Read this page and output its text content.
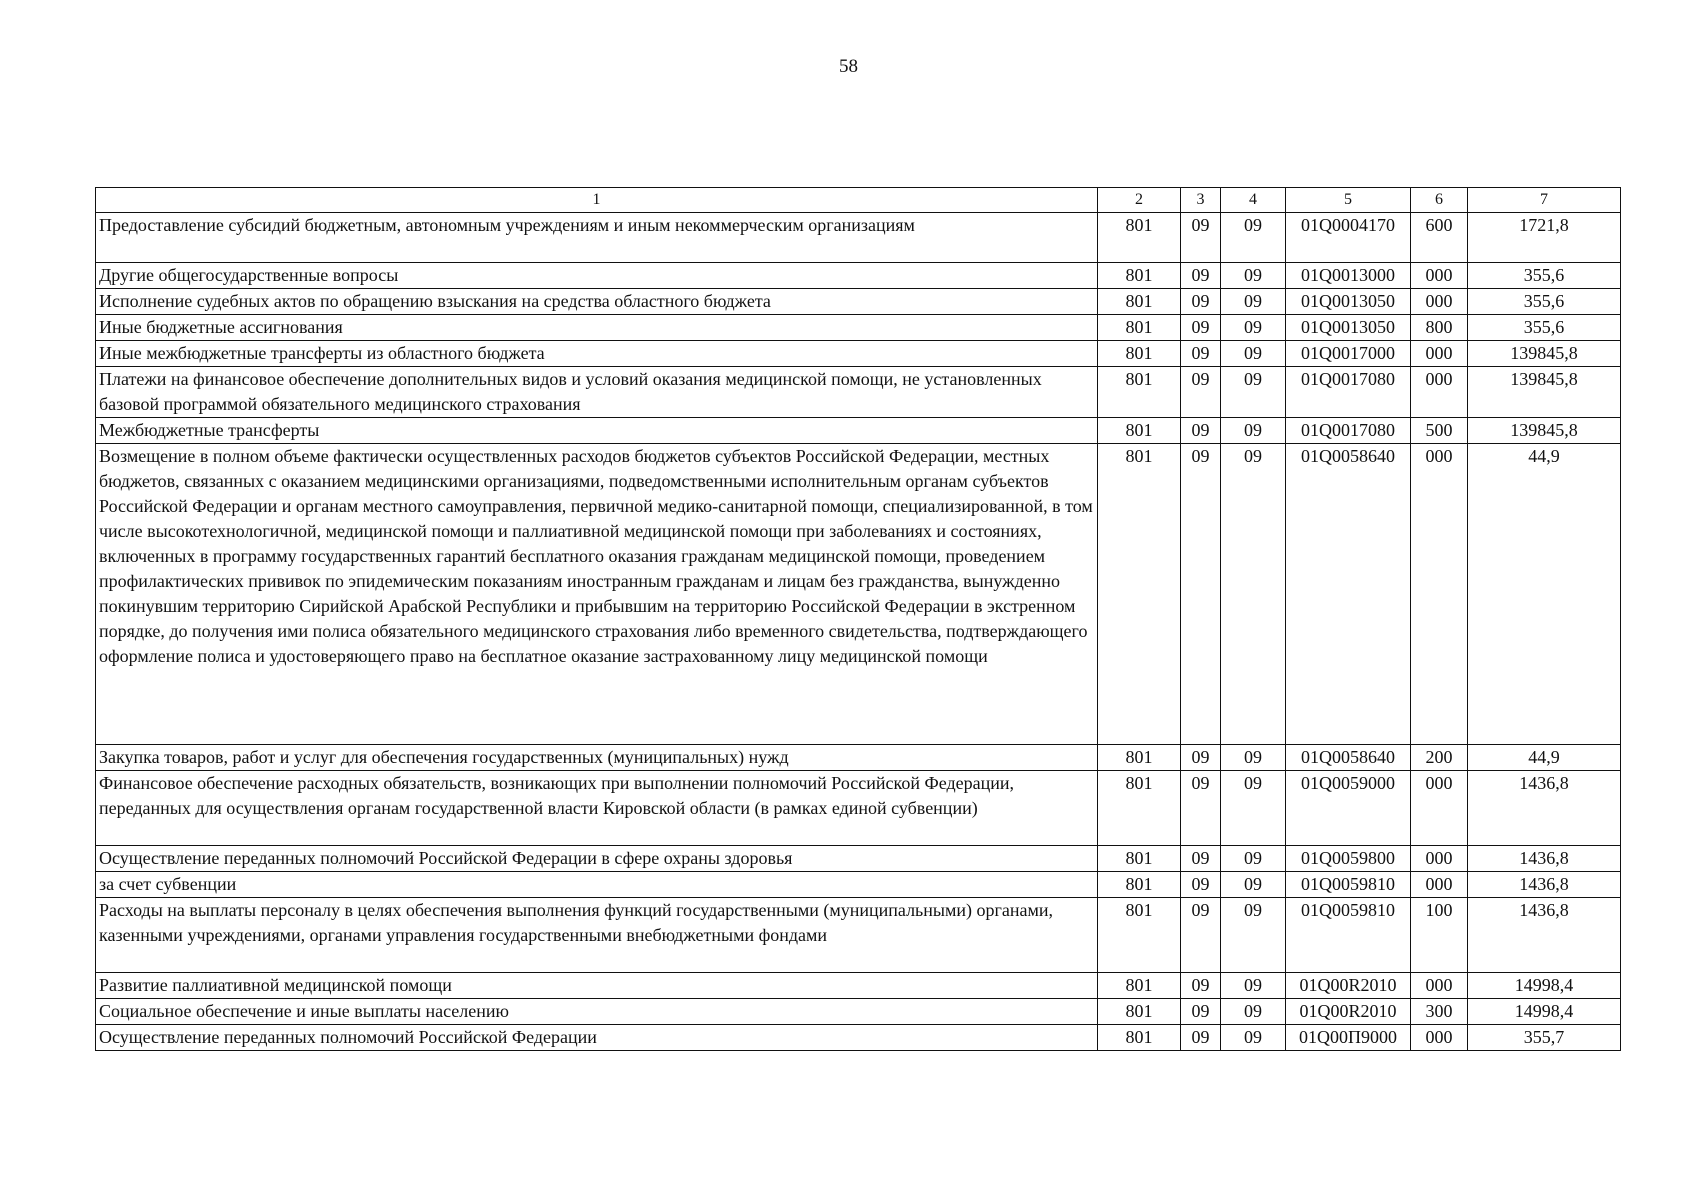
58
1	2	3	4	5	6	7
Предоставление субсидий бюджетным, автономным учреждениям и иным некоммерческим организациям	801	09	09	01Q0004170	600	1721,8
Другие общегосударственные вопросы	801	09	09	01Q0013000	000	355,6
Исполнение судебных актов по обращению взыскания на средства областного бюджета	801	09	09	01Q0013050	000	355,6
Иные бюджетные ассигнования	801	09	09	01Q0013050	800	355,6
Иные межбюджетные трансферты из областного бюджета	801	09	09	01Q0017000	000	139845,8
Платежи на финансовое обеспечение дополнительных видов и условий оказания медицинской помощи, не установленных базовой программой обязательного медицинского страхования	801	09	09	01Q0017080	000	139845,8
Межбюджетные трансферты	801	09	09	01Q0017080	500	139845,8
Возмещение в полном объеме фактически осуществленных расходов бюджетов субъектов Российской Федерации, местных бюджетов, связанных с оказанием медицинскими организациями, подведомственными исполнительным органам субъектов Российской Федерации и органам местного самоуправления, первичной медико-санитарной помощи, специализированной, в том числе высокотехнологичной, медицинской помощи и паллиативной медицинской помощи при заболеваниях и состояниях, включенных в программу государственных гарантий бесплатного оказания гражданам медицинской помощи, проведением профилактических прививок по эпидемическим показаниям иностранным гражданам и лицам без гражданства, вынужденно покинувшим территорию Сирийской Арабской Республики и прибывшим на территорию Российской Федерации в экстренном порядке, до получения ими полиса обязательного медицинского страхования либо временного свидетельства, подтверждающего оформление полиса и удостоверяющего право на бесплатное оказание застрахованному лицу медицинской помощи	801	09	09	01Q0058640	000	44,9
Закупка товаров, работ и услуг для обеспечения государственных (муниципальных) нужд	801	09	09	01Q0058640	200	44,9
Финансовое обеспечение расходных обязательств, возникающих при выполнении полномочий Российской Федерации, переданных для осуществления органам государственной власти Кировской области (в рамках единой субвенции)	801	09	09	01Q0059000	000	1436,8
Осуществление переданных полномочий Российской Федерации в сфере охраны здоровья	801	09	09	01Q0059800	000	1436,8
за счет субвенции	801	09	09	01Q0059810	000	1436,8
Расходы на выплаты персоналу в целях обеспечения выполнения функций государственными (муниципальными) органами, казенными учреждениями, органами управления государственными внебюджетными фондами	801	09	09	01Q0059810	100	1436,8
Развитие паллиативной медицинской помощи	801	09	09	01Q00R2010	000	14998,4
Социальное обеспечение и иные выплаты населению	801	09	09	01Q00R2010	300	14998,4
Осуществление переданных полномочий Российской Федерации	801	09	09	01Q00П9000	000	355,7
